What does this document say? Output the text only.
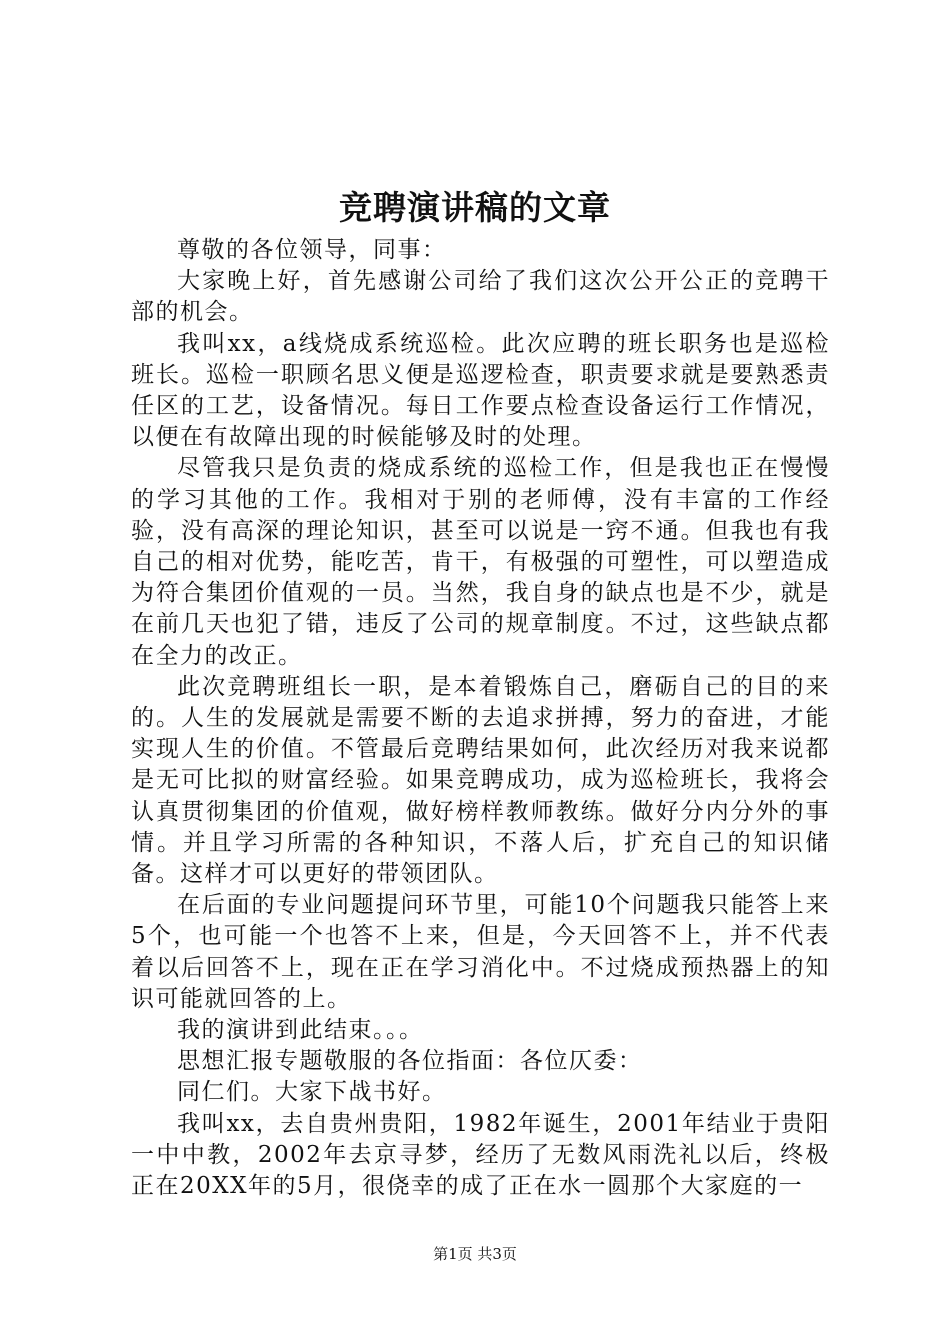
竞聘演讲稿的文章

尊敬的各位领导，同事：

大家晚上好，首先感谢公司给了我们这次公开公正的竞聘干部的机会。

我叫xx，a线烧成系统巡检。此次应聘的班长职务也是巡检班长。巡检一职顾名思义便是巡逻检查，职责要求就是要熟悉责任区的工艺，设备情况。每日工作要点检查设备运行工作情况，以便在有故障出现的时候能够及时的处理。

尽管我只是负责的烧成系统的巡检工作，但是我也正在慢慢的学习其他的工作。我相对于别的老师傅，没有丰富的工作经验，没有高深的理论知识，甚至可以说是一窍不通。但我也有我自己的相对优势，能吃苦，肯干，有极强的可塑性，可以塑造成为符合集团价值观的一员。当然，我自身的缺点也是不少，就是在前几天也犯了错，违反了公司的规章制度。不过，这些缺点都在全力的改正。

此次竞聘班组长一职，是本着锻炼自己，磨砺自己的目的来的。人生的发展就是需要不断的去追求拼搏，努力的奋进，才能实现人生的价值。不管最后竞聘结果如何，此次经历对我来说都是无可比拟的财富经验。如果竞聘成功，成为巡检班长，我将会认真贯彻集团的价值观，做好榜样教师教练。做好分内分外的事情。并且学习所需的各种知识，不落人后，扩充自己的知识储备。这样才可以更好的带领团队。

在后面的专业问题提问环节里，可能10个问题我只能答上来5个，也可能一个也答不上来，但是，今天回答不上，并不代表着以后回答不上，现在正在学习消化中。不过烧成预热器上的知识可能就回答的上。

我的演讲到此结束。。。

思想汇报专题敬服的各位指面：各位仄委：

同仁们。大家下战书好。

我叫xx，去自贵州贵阳，1982年诞生，2001年结业于贵阳一中中教，2002年去京寻梦，经历了无数风雨洗礼以后，终极正在20XX年的5月，很侥幸的成了正在水一圆那个大家庭的一

第1页 共3页
